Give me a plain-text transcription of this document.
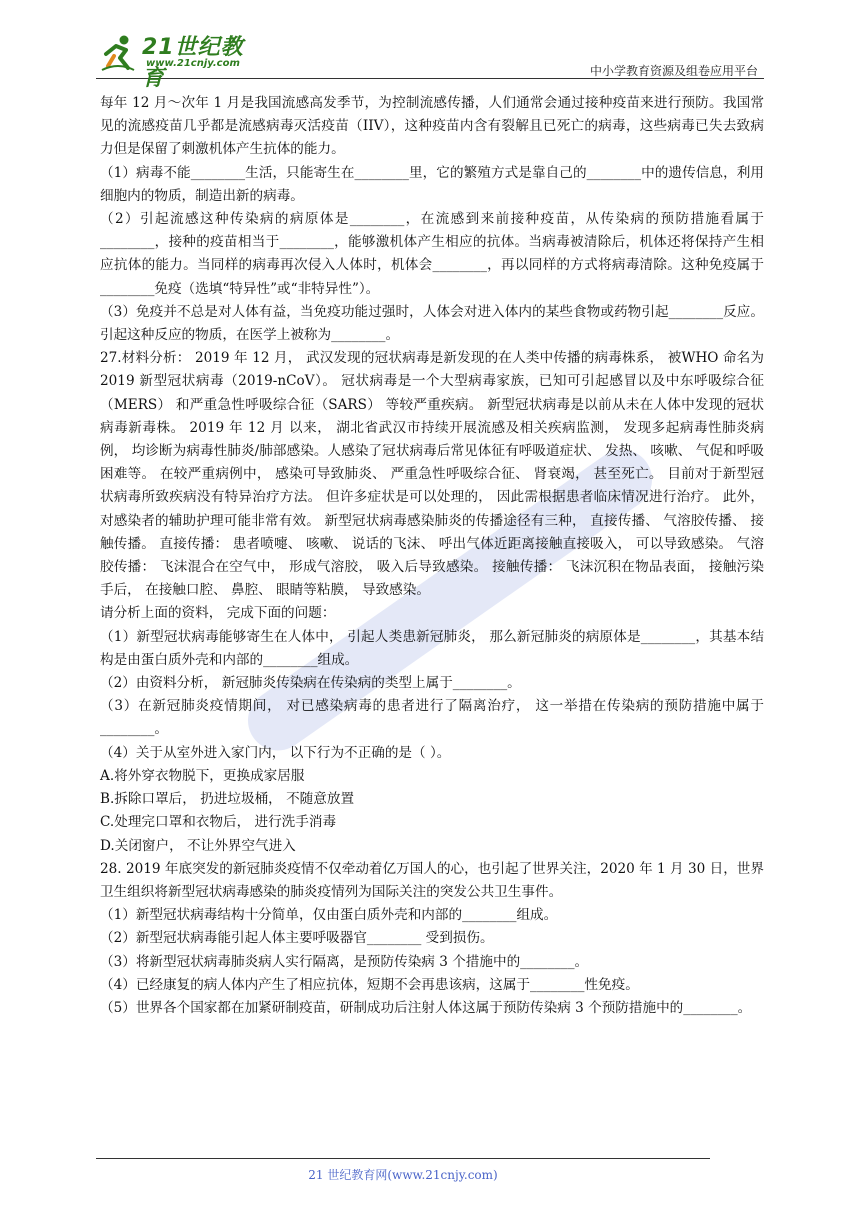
21世纪教育
www.21cnjy.com
中小学教育资源及组卷应用平台

每年 12 月～次年 1 月是我国流感高发季节，为控制流感传播，人们通常会通过接种疫苗来进行预防。我国常见的流感疫苗几乎都是流感病毒灭活疫苗（IIV），这种疫苗内含有裂解且已死亡的病毒，这些病毒已失去致病力但是保留了刺激机体产生抗体的能力。

（1）病毒不能________生活，只能寄生在________里，它的繁殖方式是靠自己的________中的遗传信息，利用细胞内的物质，制造出新的病毒。

（2）引起流感这种传染病的病原体是________，在流感到来前接种疫苗，从传染病的预防措施看属于________，接种的疫苗相当于________，能够激机体产生相应的抗体。当病毒被清除后，机体还将保持产生相应抗体的能力。当同样的病毒再次侵入人体时，机体会________，再以同样的方式将病毒清除。这种免疫属于________免疫（选填“特异性”或“非特异性”）。

（3）免疫并不总是对人体有益，当免疫功能过强时，人体会对进入体内的某些食物或药物引起________反应。引起这种反应的物质，在医学上被称为________。

27.材料分析： 2019 年 12 月， 武汉发现的冠状病毒是新发现的在人类中传播的病毒株系， 被WHO 命名为 2019 新型冠状病毒（2019-nCoV）。 冠状病毒是一个大型病毒家族，已知可引起感冒以及中东呼吸综合征（MERS） 和严重急性呼吸综合征（SARS） 等较严重疾病。 新型冠状病毒是以前从未在人体中发现的冠状病毒新毒株。 2019 年 12 月 以来， 湖北省武汉市持续开展流感及相关疾病监测， 发现多起病毒性肺炎病例， 均诊断为病毒性肺炎/肺部感染。人感染了冠状病毒后常见体征有呼吸道症状、 发热、 咳嗽、 气促和呼吸困难等。 在较严重病例中， 感染可导致肺炎、 严重急性呼吸综合征、 肾衰竭， 甚至死亡。 目前对于新型冠状病毒所致疾病没有特异治疗方法。 但许多症状是可以处理的， 因此需根据患者临床情况进行治疗。 此外， 对感染者的辅助护理可能非常有效。 新型冠状病毒感染肺炎的传播途径有三种， 直接传播、 气溶胶传播、 接触传播。 直接传播： 患者喷嚏、 咳嗽、 说话的飞沫、 呼出气体近距离接触直接吸入， 可以导致感染。 气溶胶传播： 飞沫混合在空气中， 形成气溶胶， 吸入后导致感染。 接触传播： 飞沫沉积在物品表面， 接触污染手后， 在接触口腔、 鼻腔、 眼睛等粘膜， 导致感染。

请分析上面的资料， 完成下面的问题：

（1）新型冠状病毒能够寄生在人体中， 引起人类患新冠肺炎， 那么新冠肺炎的病原体是________，其基本结构是由蛋白质外壳和内部的________组成。

（2）由资料分析， 新冠肺炎传染病在传染病的类型上属于________。

（3）在新冠肺炎疫情期间， 对已感染病毒的患者进行了隔离治疗， 这一举措在传染病的预防措施中属于________。

（4）关于从室外进入家门内， 以下行为不正确的是（ ）。

A.将外穿衣物脱下，更换成家居服

B.拆除口罩后， 扔进垃圾桶， 不随意放置

C.处理完口罩和衣物后， 进行洗手消毒

D.关闭窗户， 不让外界空气进入

28. 2019 年底突发的新冠肺炎疫情不仅牵动着亿万国人的心，也引起了世界关注，2020 年 1 月 30 日，世界卫生组织将新型冠状病毒感染的肺炎疫情列为国际关注的突发公共卫生事件。

（1）新型冠状病毒结构十分简单，仅由蛋白质外壳和内部的________组成。

（2）新型冠状病毒能引起人体主要呼吸器官________ 受到损伤。

（3）将新型冠状病毒肺炎病人实行隔离，是预防传染病 3 个措施中的________。

（4）已经康复的病人体内产生了相应抗体，短期不会再患该病，这属于________性免疫。

（5）世界各个国家都在加紧研制疫苗，研制成功后注射人体这属于预防传染病 3 个预防措施中的________。

21 世纪教育网(www.21cnjy.com)
